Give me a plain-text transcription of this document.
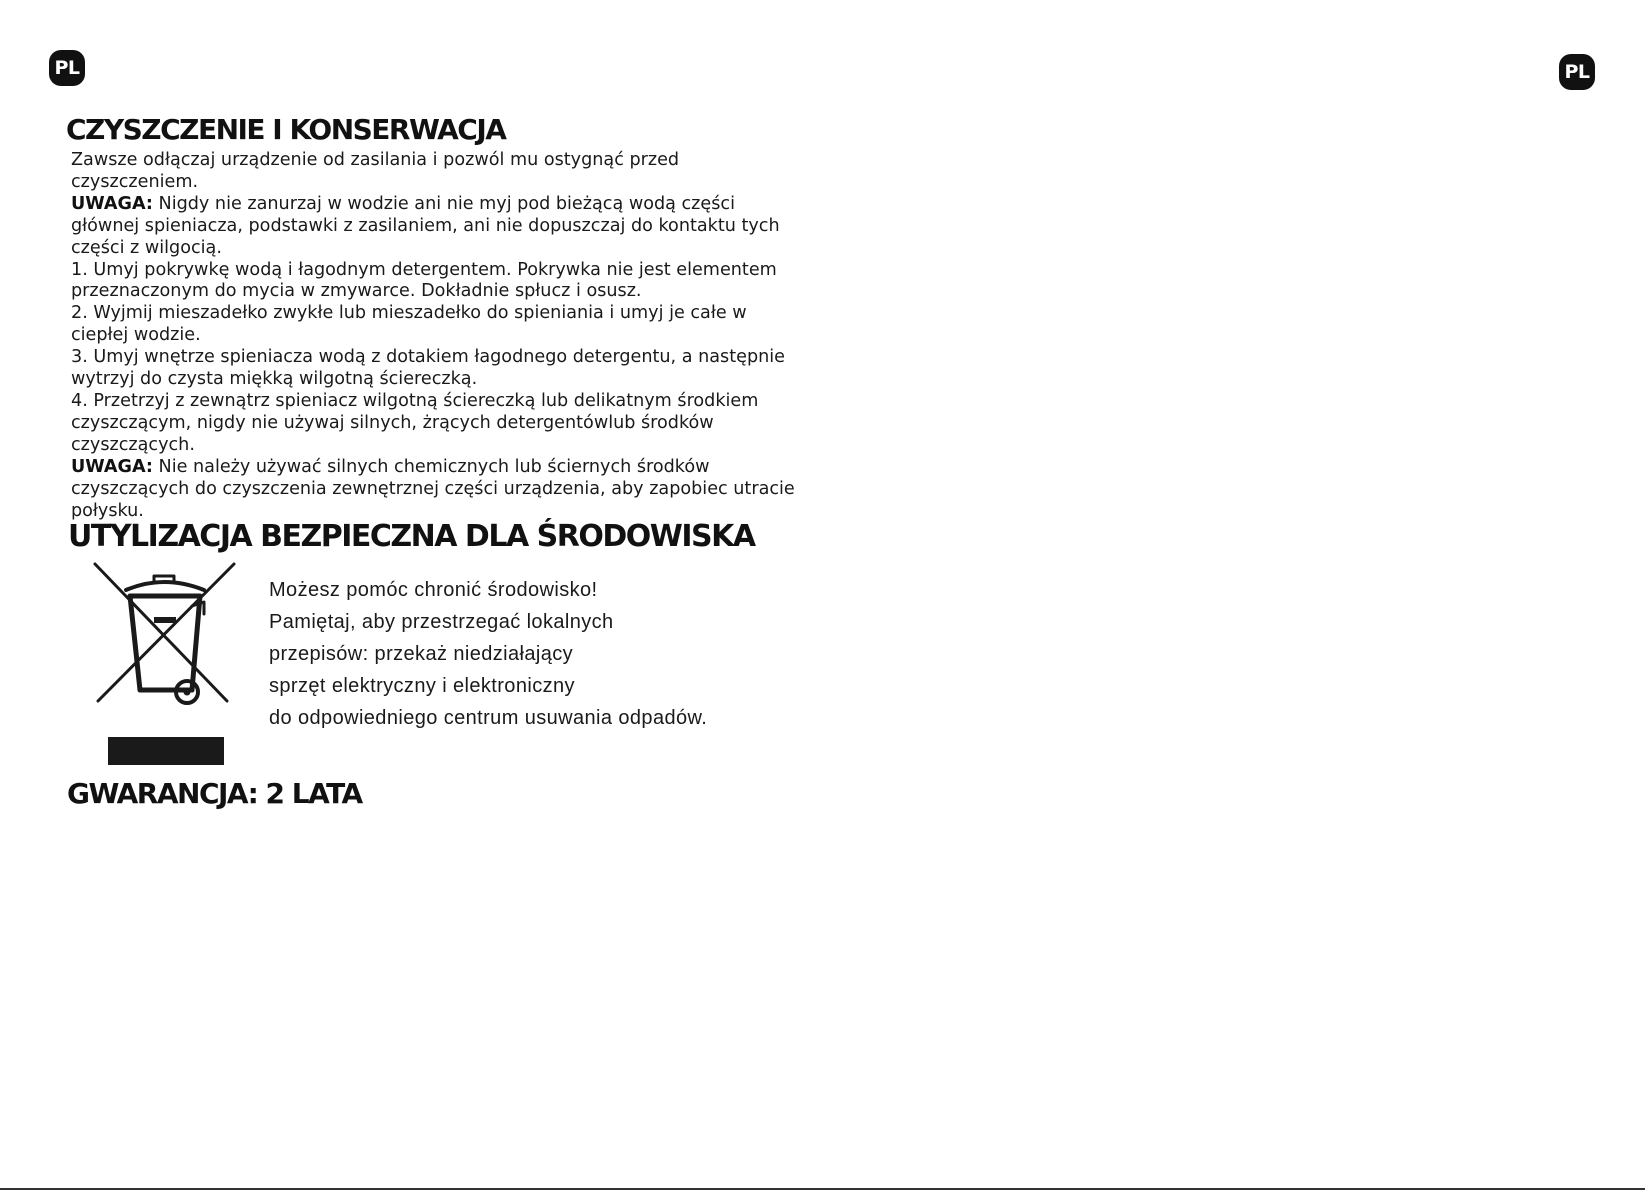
PL	PL
CZYSZCZENIE I KONSERWACJA

Zawsze odłączaj urządzenie od zasilania i pozwól mu ostygnąć przed czyszczeniem.

UWAGA: Nigdy nie zanurzaj w wodzie ani nie myj pod bieżącą wodą części głównej spieniacza, podstawki z zasilaniem, ani nie dopuszczaj do kontaktu tych części z wilgocią.

1. Umyj pokrywkę wodą i łagodnym detergentem. Pokrywka nie jest elementem przeznaczonym do mycia w zmywarce. Dokładnie spłucz i osusz.

2. Wyjmij mieszadełko zwykłe lub mieszadełko do spieniania i umyj je całe w ciepłej wodzie.

3. Umyj wnętrze spieniacza wodą z dotakiem łagodnego detergentu, a następnie wytrzyj do czysta miękką wilgotną ściereczką.

4. Przetrzyj z zewnątrz spieniacz wilgotną ściereczką lub delikatnym środkiem czyszczącym, nigdy nie używaj silnych, żrących detergentówlub środków czyszczących.

UWAGA: Nie należy używać silnych chemicznych lub ściernych środków czyszczących do czyszczenia zewnętrznej części urządzenia, aby zapobiec utracie połysku.

UTYLIZACJA BEZPIECZNA DLA ŚRODOWISKA
Możesz pomóc chronić środowisko!
Pamiętaj, aby przestrzegać lokalnych
przepisów: przekaż niedziałający
sprzęt elektryczny i elektroniczny
do odpowiedniego centrum usuwania odpadów.
GWARANCJA: 2 LATA
